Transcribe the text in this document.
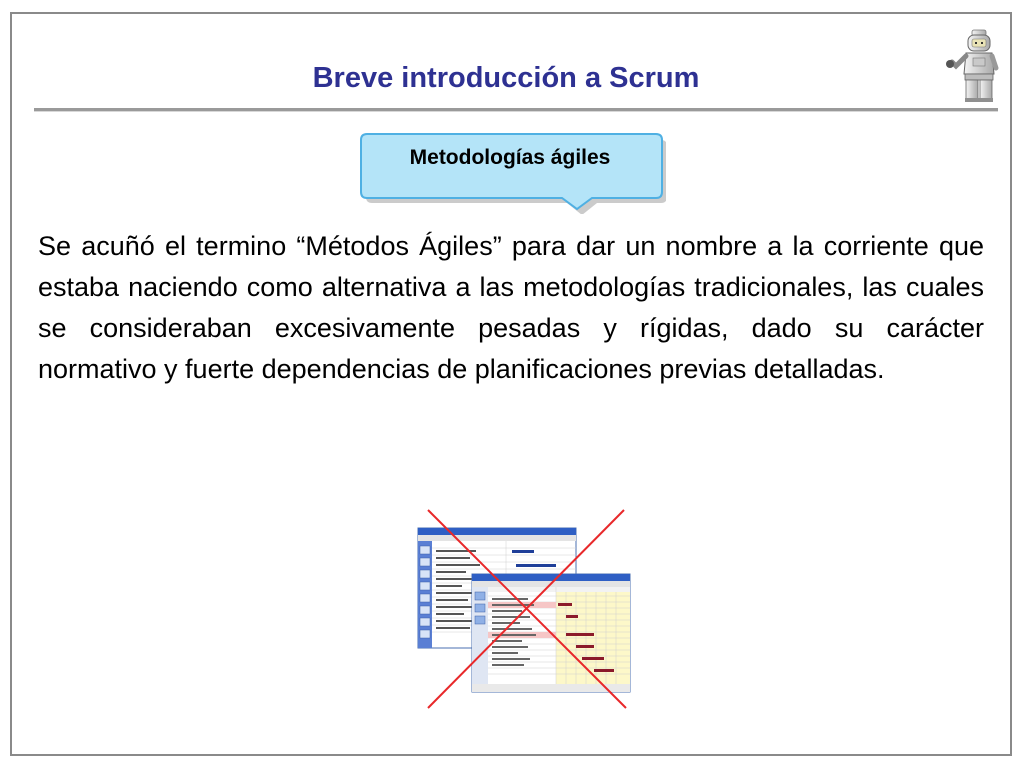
Breve introducción a Scrum
Metodologías ágiles

Se acuñó el termino “Métodos Ágiles” para dar un nombre a la corriente que estaba naciendo como alternativa a las metodologías tradicionales, las cuales se consideraban excesivamente pesadas y rígidas, dado su carácter normativo y fuerte dependencias de planificaciones previas detalladas.
